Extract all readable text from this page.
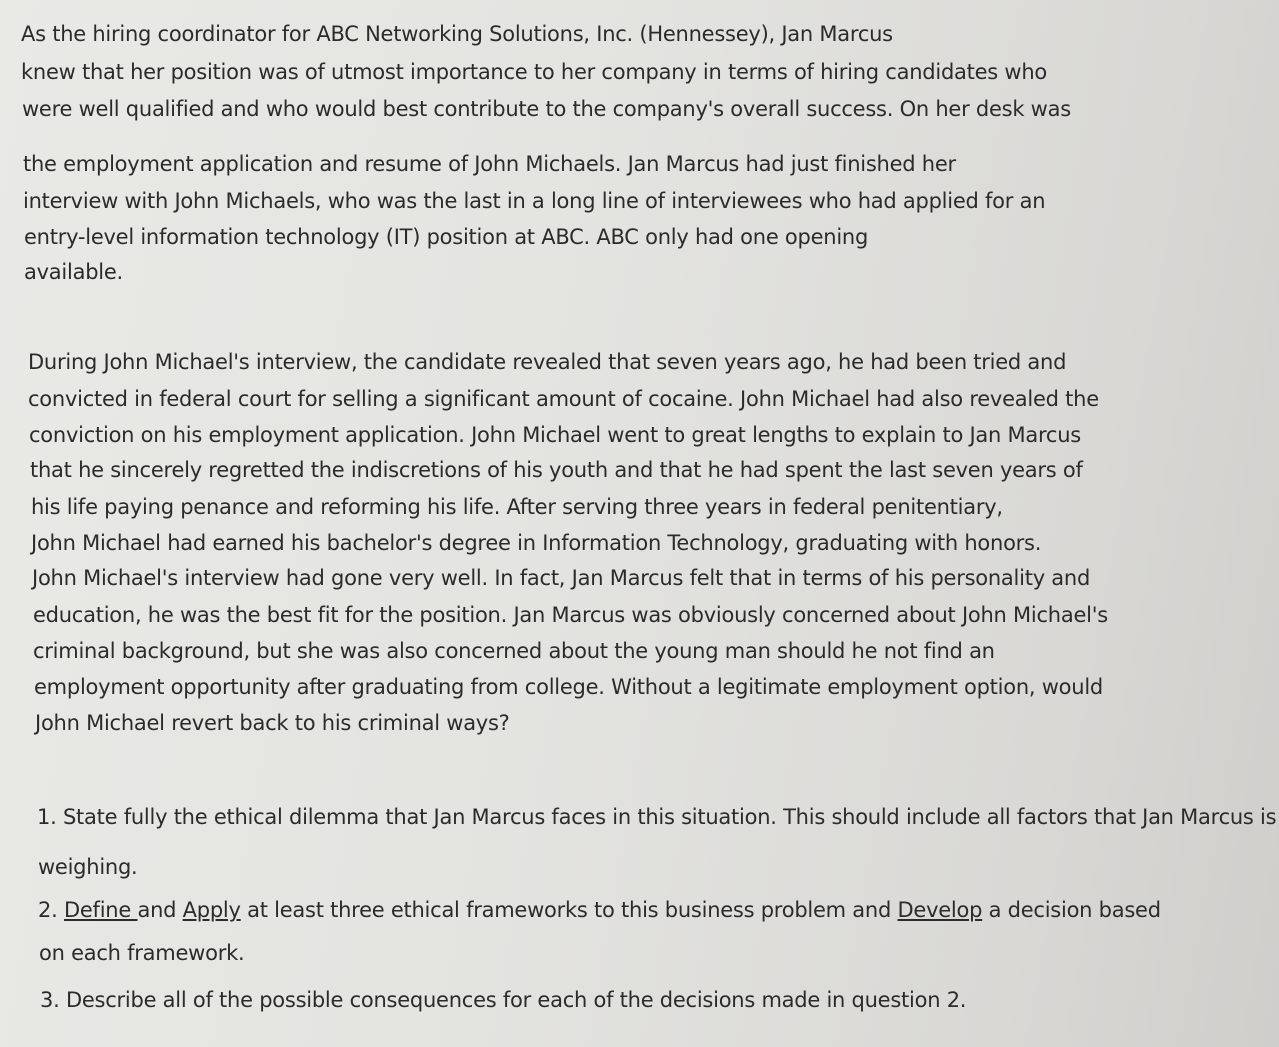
As the hiring coordinator for ABC Networking Solutions, Inc. (Hennessey), Jan Marcus
knew that her position was of utmost importance to her company in terms of hiring candidates who
were well qualified and who would best contribute to the company's overall success. On her desk was
the employment application and resume of John Michaels. Jan Marcus had just finished her
interview with John Michaels, who was the last in a long line of interviewees who had applied for an
entry-level information technology (IT) position at ABC. ABC only had one opening
available.
During John Michael's interview, the candidate revealed that seven years ago, he had been tried and
convicted in federal court for selling a significant amount of cocaine. John Michael had also revealed the
conviction on his employment application. John Michael went to great lengths to explain to Jan Marcus
that he sincerely regretted the indiscretions of his youth and that he had spent the last seven years of
his life paying penance and reforming his life. After serving three years in federal penitentiary,
John Michael had earned his bachelor's degree in Information Technology, graduating with honors.
John Michael's interview had gone very well. In fact, Jan Marcus felt that in terms of his personality and
education, he was the best fit for the position. Jan Marcus was obviously concerned about John Michael's
criminal background, but she was also concerned about the young man should he not find an
employment opportunity after graduating from college. Without a legitimate employment option, would
John Michael revert back to his criminal ways?
1. State fully the ethical dilemma that Jan Marcus faces in this situation. This should include all factors that Jan Marcus is
weighing.
2. Define and Apply at least three ethical frameworks to this business problem and Develop a decision based
on each framework.
3. Describe all of the possible consequences for each of the decisions made in question 2.
